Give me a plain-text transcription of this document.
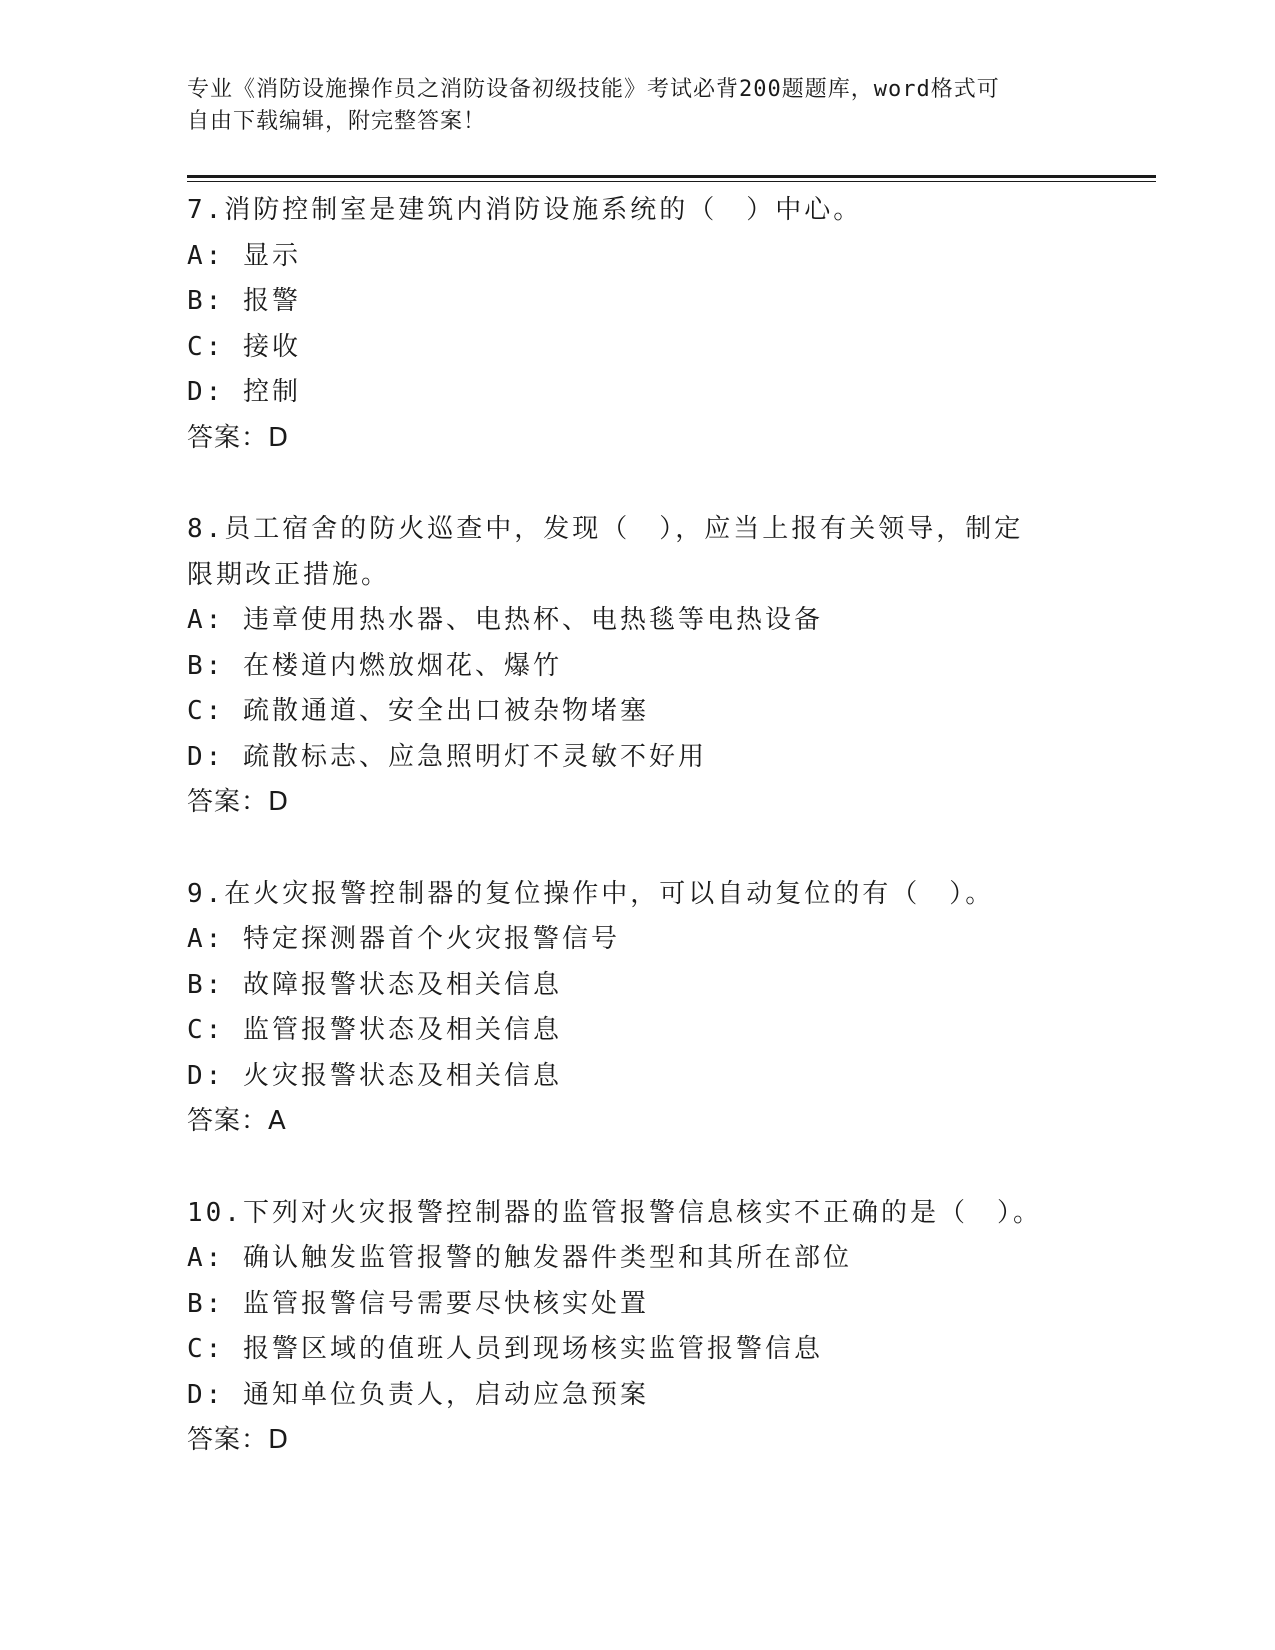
专业《消防设施操作员之消防设备初级技能》考试必背200题题库，word格式可
自由下载编辑，附完整答案！
7.消防控制室是建筑内消防设施系统的（　）中心。
A: 显示
B: 报警
C: 接收
D: 控制
答案：D
8.员工宿舍的防火巡查中，发现（　），应当上报有关领导，制定限期改正措施。
A: 违章使用热水器、电热杯、电热毯等电热设备
B: 在楼道内燃放烟花、爆竹
C: 疏散通道、安全出口被杂物堵塞
D: 疏散标志、应急照明灯不灵敏不好用
答案：D
9.在火灾报警控制器的复位操作中，可以自动复位的有（　）。
A: 特定探测器首个火灾报警信号
B: 故障报警状态及相关信息
C: 监管报警状态及相关信息
D: 火灾报警状态及相关信息
答案：A
10.下列对火灾报警控制器的监管报警信息核实不正确的是（　）。
A: 确认触发监管报警的触发器件类型和其所在部位
B: 监管报警信号需要尽快核实处置
C: 报警区域的值班人员到现场核实监管报警信息
D: 通知单位负责人，启动应急预案
答案：D
